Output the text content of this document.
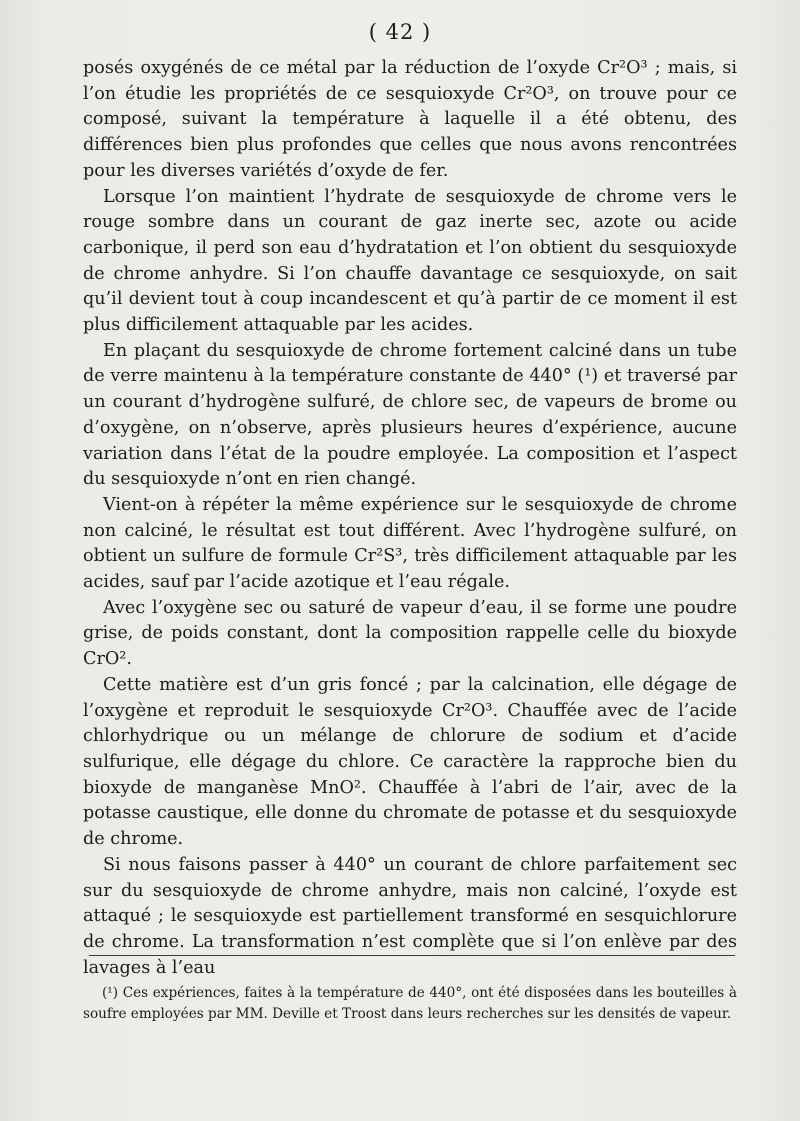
( 42 )

posés oxygénés de ce métal par la réduction de l’oxyde Cr²O³ ; mais, si l’on étudie les propriétés de ce sesquioxyde Cr²O³, on trouve pour ce composé, suivant la température à laquelle il a été obtenu, des différences bien plus profondes que celles que nous avons rencontrées pour les diverses variétés d’oxyde de fer.

Lorsque l’on maintient l’hydrate de sesquioxyde de chrome vers le rouge sombre dans un courant de gaz inerte sec, azote ou acide carbonique, il perd son eau d’hydratation et l’on obtient du sesquioxyde de chrome anhydre. Si l’on chauffe davantage ce sesquioxyde, on sait qu’il devient tout à coup incandescent et qu’à partir de ce moment il est plus difficilement attaquable par les acides.

En plaçant du sesquioxyde de chrome fortement calciné dans un tube de verre maintenu à la température constante de 440° (¹) et traversé par un courant d’hydrogène sulfuré, de chlore sec, de vapeurs de brome ou d’oxygène, on n’observe, après plusieurs heures d’expérience, aucune variation dans l’état de la poudre employée. La composition et l’aspect du sesquioxyde n’ont en rien changé.

Vient-on à répéter la même expérience sur le sesquioxyde de chrome non calciné, le résultat est tout différent. Avec l’hydrogène sulfuré, on obtient un sulfure de formule Cr²S³, très difficilement attaquable par les acides, sauf par l’acide azotique et l’eau régale.

Avec l’oxygène sec ou saturé de vapeur d’eau, il se forme une poudre grise, de poids constant, dont la composition rappelle celle du bioxyde CrO².

Cette matière est d’un gris foncé ; par la calcination, elle dégage de l’oxygène et reproduit le sesquioxyde Cr²O³. Chauffée avec de l’acide chlorhydrique ou un mélange de chlorure de sodium et d’acide sulfurique, elle dégage du chlore. Ce caractère la rapproche bien du bioxyde de manganèse MnO². Chauffée à l’abri de l’air, avec de la potasse caustique, elle donne du chromate de potasse et du sesquioxyde de chrome.

Si nous faisons passer à 440° un courant de chlore parfaitement sec sur du sesquioxyde de chrome anhydre, mais non calciné, l’oxyde est attaqué ; le sesquioxyde est partiellement transformé en sesquichlorure de chrome. La transformation n’est complète que si l’on enlève par des lavages à l’eau

(¹) Ces expériences, faites à la température de 440°, ont été disposées dans les bouteilles à soufre employées par MM. Deville et Troost dans leurs recherches sur les densités de vapeur.
